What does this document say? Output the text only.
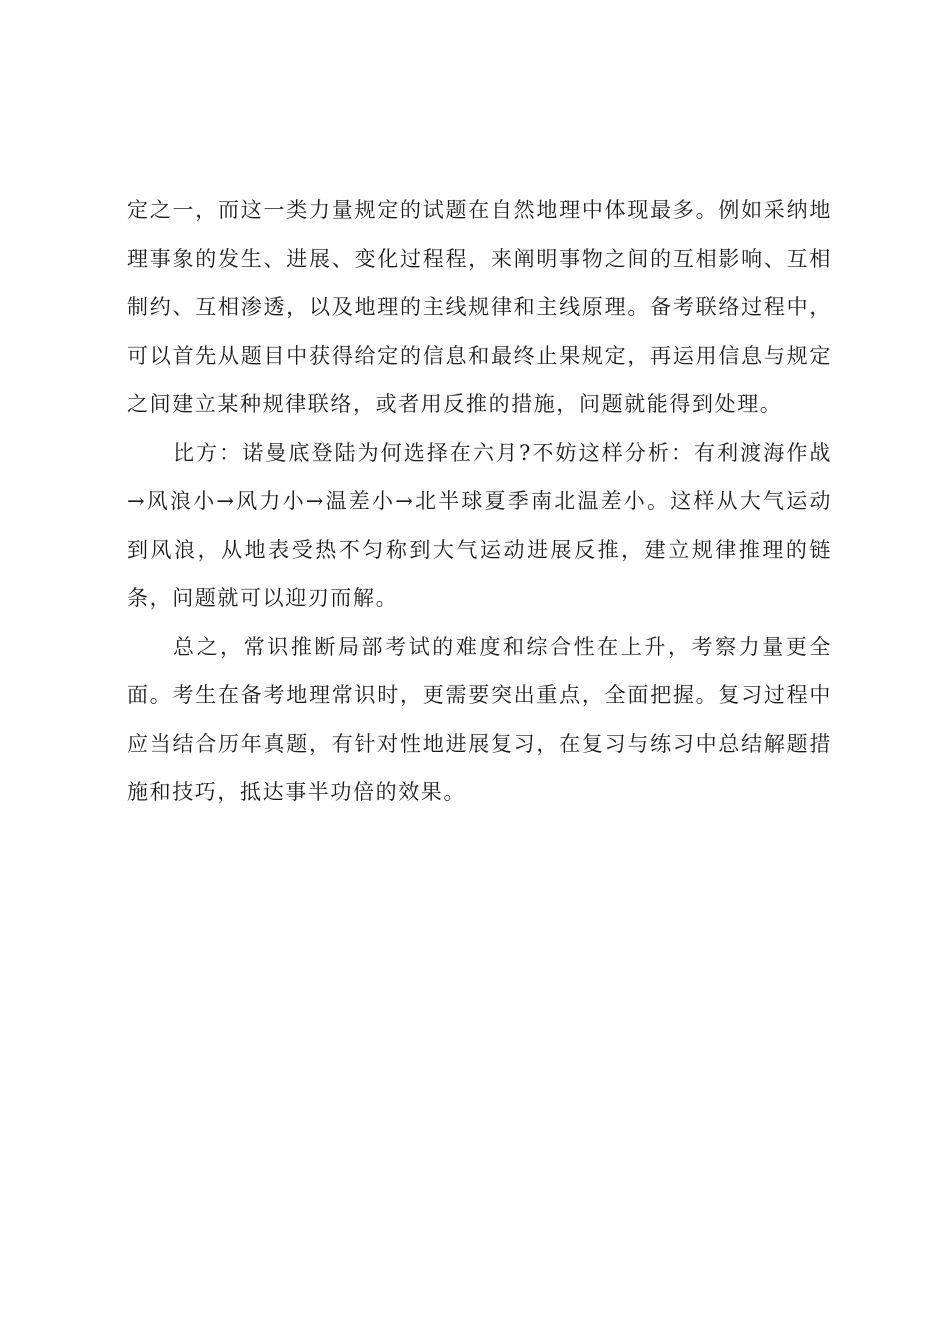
定之一，而这一类力量规定的试题在自然地理中体现最多。例如采纳地理事象的发生、进展、变化过程程，来阐明事物之间的互相影响、互相制约、互相渗透，以及地理的主线规律和主线原理。备考联络过程中，可以首先从题目中获得给定的信息和最终止果规定，再运用信息与规定之间建立某种规律联络，或者用反推的措施，问题就能得到处理。

比方：诺曼底登陆为何选择在六月?不妨这样分析：有利渡海作战→风浪小→风力小→温差小→北半球夏季南北温差小。这样从大气运动到风浪，从地表受热不匀称到大气运动进展反推，建立规律推理的链条，问题就可以迎刃而解。

总之，常识推断局部考试的难度和综合性在上升，考察力量更全面。考生在备考地理常识时，更需要突出重点，全面把握。复习过程中应当结合历年真题，有针对性地进展复习，在复习与练习中总结解题措施和技巧，抵达事半功倍的效果。
